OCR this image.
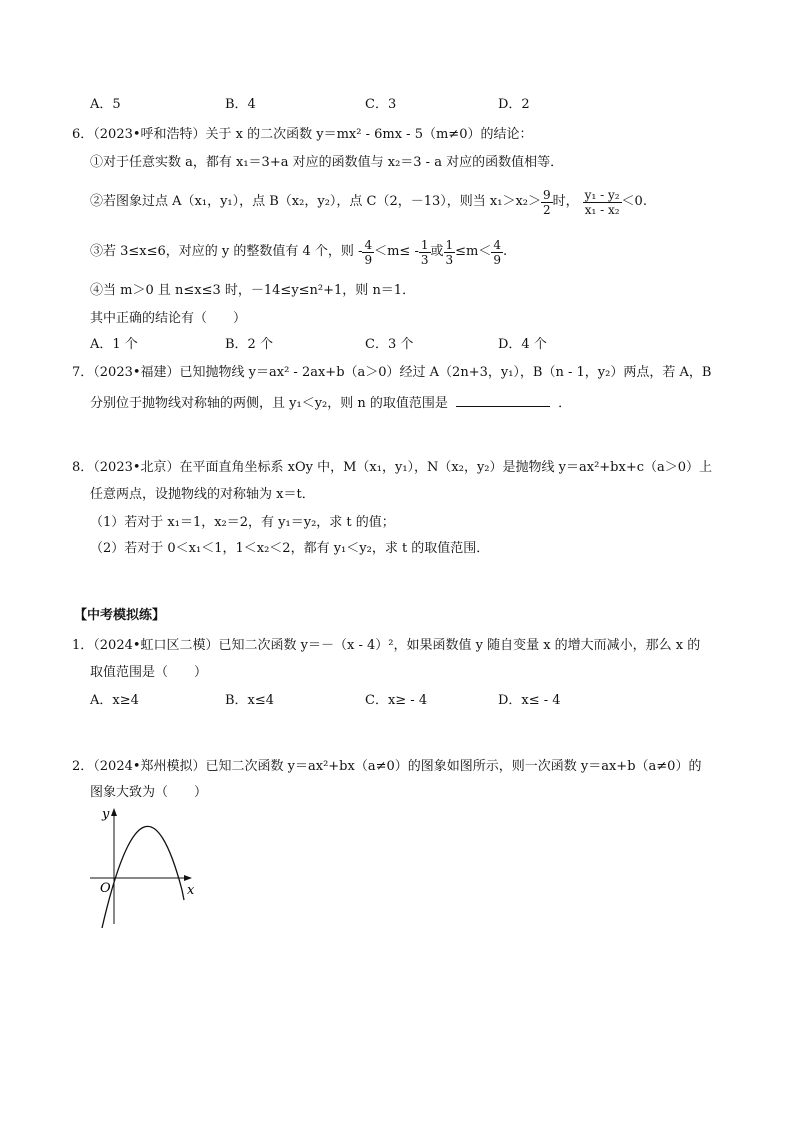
A．5	B．4	C．3	D．2
6．（2023•呼和浩特）关于 x 的二次函数 y＝mx² - 6mx - 5（m≠0）的结论：
①对于任意实数 a，都有 x₁＝3+a 对应的函数值与 x₂＝3 - a 对应的函数值相等．
②若图象过点 A（x₁，y₁），点 B（x₂，y₂），点 C（2，－13），则当 $x_1>x_2> \frac{9}{2}$ 时， $\frac{\text{y₁ - y₂}}{\text{x₁ - x₂}} <0$.
③若 3≤x≤6，对应的 y 的整数值有 4 个，则 - $\frac{4}{9} <m\le - \frac{1}{3}$ 或 $\frac{1}{3} \le m< \frac{4}{9}$ .
④当 m＞0 且 n≤x≤3 时，－14≤y≤n²+1，则 n＝1．
其中正确的结论有（　　）
A．1 个	B．2 个	C．3 个	D．4 个
7．（2023•福建）已知抛物线 y＝ax² - 2ax+b（a＞0）经过 A（2n+3，y₁），B（n - 1，y₂）两点，若 A，B
分别位于抛物线对称轴的两侧，且 y₁＜y₂，则 n 的取值范围是	．
8．（2023•北京）在平面直角坐标系 xOy 中，M（x₁，y₁），N（x₂，y₂）是抛物线 y＝ax²+bx+c（a＞0）上
任意两点，设抛物线的对称轴为 x＝t．
（1）若对于 x₁＝1，x₂＝2，有 y₁＝y₂，求 t 的值；
（2）若对于 0＜x₁＜1，1＜x₂＜2，都有 y₁＜y₂，求 t 的取值范围．
【中考模拟练】
1．（2024•虹口区二模）已知二次函数 y＝－（x - 4）²，如果函数值 y 随自变量 x 的增大而减小，那么 x 的
取值范围是（　　）
A．x≥4	B．x≤4	C．x≥ - 4	D．x≤ - 4
2．（2024•郑州模拟）已知二次函数 y＝ax²+bx（a≠0）的图象如图所示，则一次函数 y＝ax+b（a≠0）的
图象大致为（　　）
y
x
O
